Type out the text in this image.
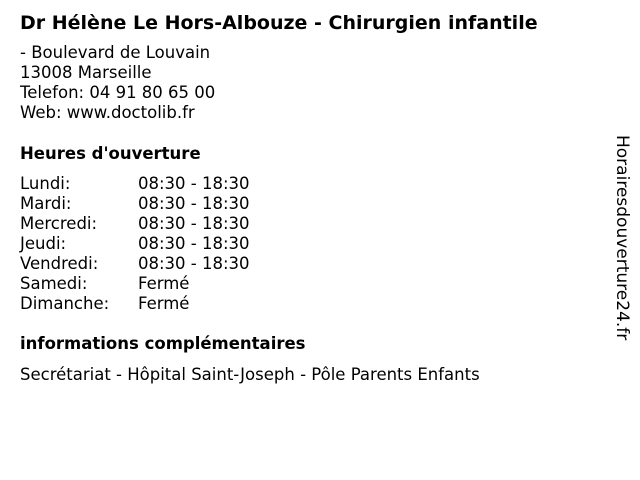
Dr Hélène Le Hors-Albouze - Chirurgien infantile
- Boulevard de Louvain
13008 Marseille
Telefon: 04 91 80 65 00
Web: www.doctolib.fr
Heures d'ouverture
Lundi:	08:30 - 18:30
Mardi:	08:30 - 18:30
Mercredi: 08:30 - 18:30
Jeudi:	08:30 - 18:30
Vendredi: 08:30 - 18:30
Samedi:	Fermé
Dimanche: Fermé
informations complémentaires
Secrétariat - Hôpital Saint-Joseph - Pôle Parents Enfants
Horairesdouverture24.fr
